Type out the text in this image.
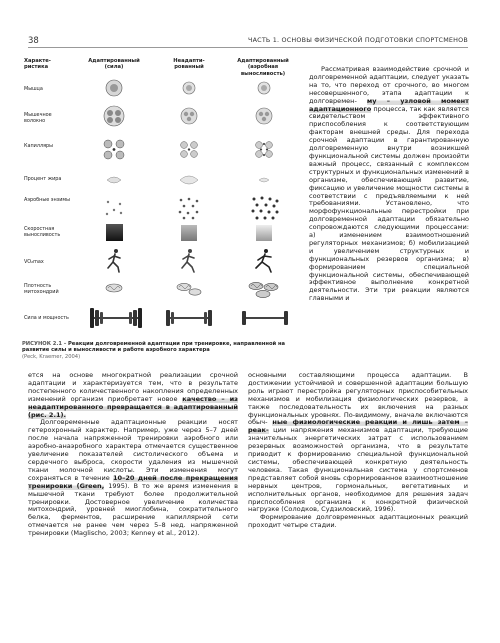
38	ЧАСТЬ 1. ОСНОВЫ ФИЗИЧЕСКОЙ ПОДГОТОВКИ СПОРТСМЕНОВ
Характе-ристика
Адаптированный (сила)
Неадапти-рованный
Адаптированный (аэробная выносливость)
Мышца
Мышечное волокно
Капилляры
Процент жира
Аэробные энзимы
Скоростная выносливость
VO₂max
Плотность митохондрий
Сила и мощность
РИСУНОК 2.1 – Реакции долговременной адаптации при тренировке, направленной на развитие силы и выносливости и работе аэробного характера
(Peck, Kraemer, 2004)

Рассматривая взаимодействие срочной и долговременной адаптации, следует указать на то, что переход от срочного, во многом несовершенного, этапа адаптации к долговремен- му – узловой момент адаптационного процесса, так как является свидетельством эффективного приспособления к соответствующим факторам внешней среды. Для перехода срочной адаптации в гарантированную долговременную внутри возникшей функциональной системы должен произойти важный процесс, связанный с комплексом структурных и функциональных изменений в организме, обеспечивающий развитие, фиксацию и увеличение мощности системы в соответствии с предъявляемыми к ней требованиями. Установлено, что морфофункциональные перестройки при долговременной адаптации обязательно сопровождаются следующими процессами: а) изменением взаимоотношений регуляторных механизмов; б) мобилизацией и увеличением структурных и функциональных резервов организма; в) формированием специальной функциональной системы, обеспечивающей эффективное выполнение конкретной деятельности. Эти три реакции являются главными и

ется на основе многократной реализации срочной адаптации и характеризуется тем, что в результате постепенного количественного накопления определенных изменений организм приобретает новое качество – из неадаптированного превращается в адаптированный (рис. 2.1).

Долговременные адаптационные реакции носят гетерохронный характер. Например, уже через 5–7 дней после начала напряженной тренировки аэробного или аэробно-анаэробного характера отмечается существенное увеличение показателей систолического объема и сердечного выброса, скорости удаления из мышечной ткани молочной кислоты. Эти изменения могут сохраняться в течение 10–20 дней после прекращения тренировки (Green, 1995). В то же время изменения в мышечной ткани требуют более продолжительной тренировки. Достоверное увеличение количества митохондрий, уровней миоглобина, сократительного белка, ферментов, расширение капиллярной сети отмечается не ранее чем через 5–8 нед. напряженной тренировки (Maglischo, 2003; Kenney et al., 2012).

основными составляющими процесса адаптации. В достижении устойчивой и совершенной адаптации большую роль играют перестройка регуляторных приспособительных механизмов и мобилизация физиологических резервов, а также последовательность их включения на разных функциональных уровнях. По-видимому, вначале включаются обыч- ные физиологические реакции и лишь затем – реак- ции напряжения механизмов адаптации, требующие значительных энергетических затрат с использованием резервных возможностей организма, что в результате приводит к формированию специальной функциональной системы, обеспечивающей конкретную деятельность человека. Такая функциональная система у спортсменов представляет собой вновь сформированное взаимоотношение нервных центров, гормональных, вегетативных и исполнительных органов, необходимое для решения задач приспособления организма к конкретной физической нагрузке (Солодков, Судзиловский, 1996).

Формирование долговременных адаптационных реакций проходит четыре стадии.
